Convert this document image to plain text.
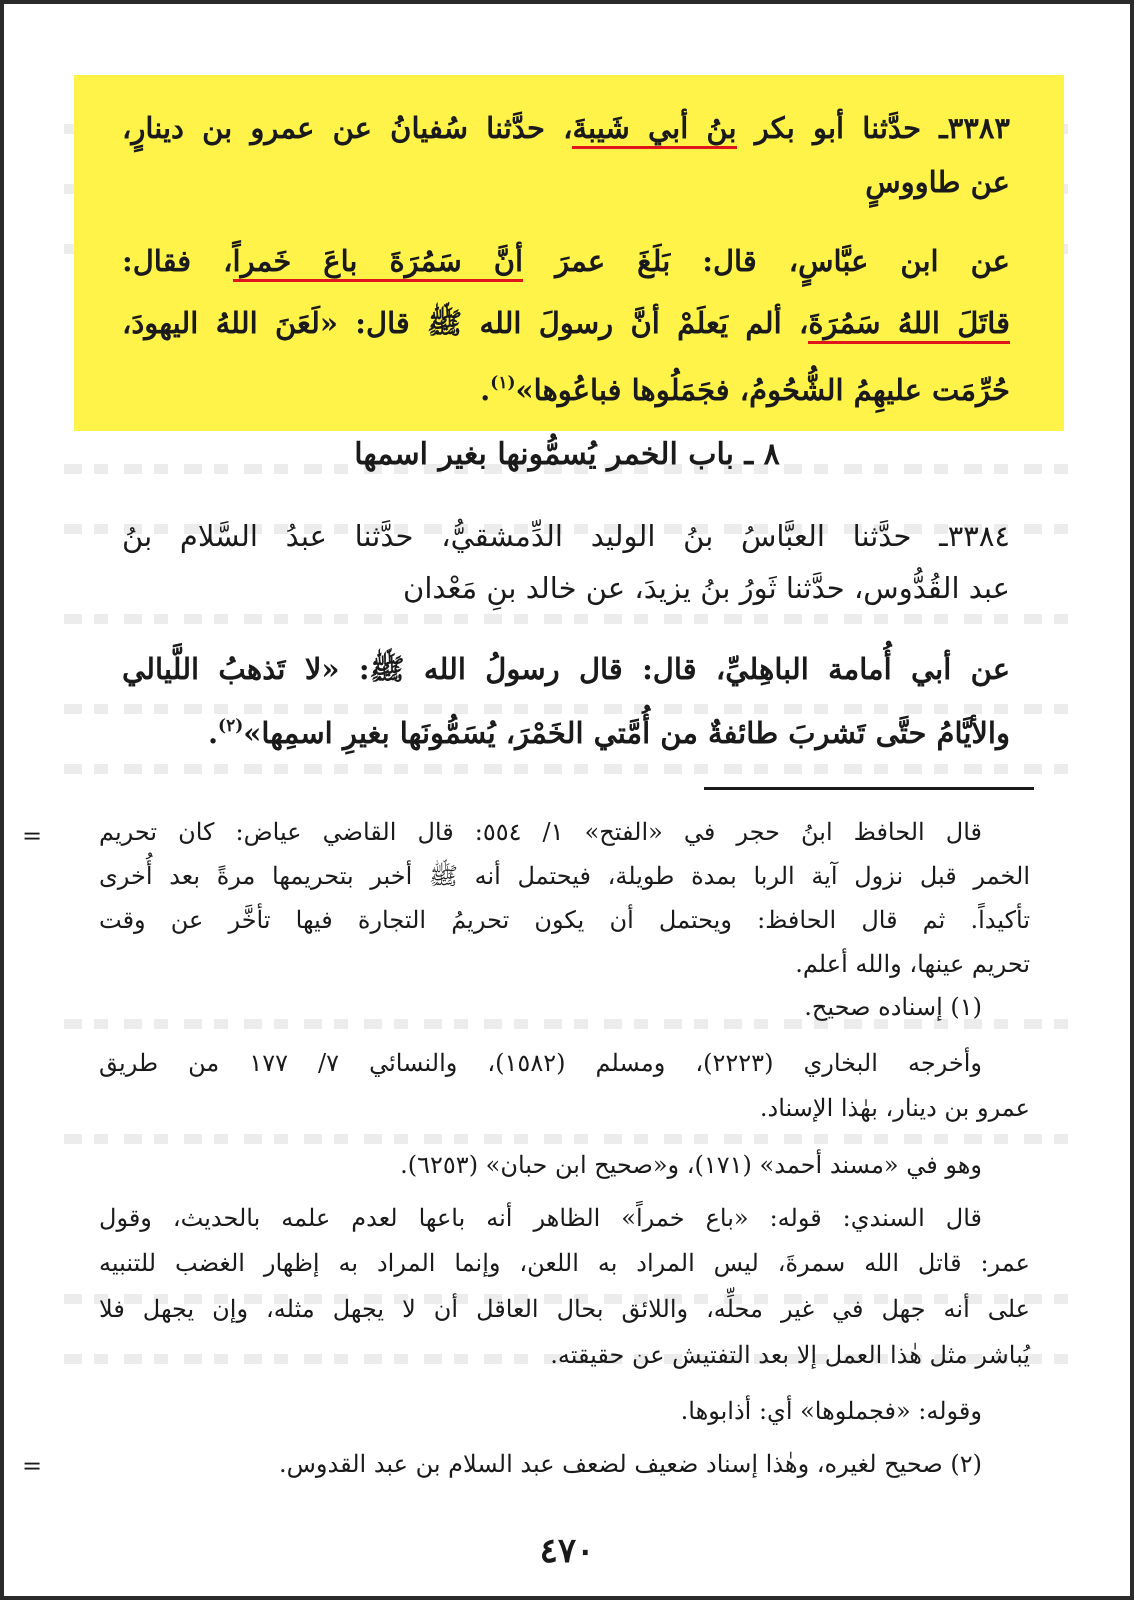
٣٣٨٣ـ حدَّثنا أبو بكر بنُ أبي شَيبةَ، حدَّثنا سُفيانُ عن عمرو بن دينارٍ،
عن طاووسٍ
عن ابن عبَّاسٍ، قال: بَلَغَ عمرَ أنَّ سَمُرَةَ باعَ خَمراً، فقال:
قاتَلَ اللهُ سَمُرَةَ، ألم يَعلَمْ أنَّ رسولَ الله ﷺ قال: «لَعَنَ اللهُ اليهودَ،
حُرِّمَت عليهِمُ الشُّحُومُ، فجَمَلُوها فباعُوها»$^{(١)}$.
٨ ـ باب الخمر يُسمُّونها بغير اسمها
٣٣٨٤ـ حدَّثنا العبَّاسُ بنُ الوليد الدِّمشقيُّ، حدَّثنا عبدُ السَّلام بنُ
عبد القُدُّوس، حدَّثنا ثَورُ بنُ يزيدَ، عن خالد بنِ مَعْدان
عن أبي أُمامة الباهِليِّ، قال: قال رسولُ الله ﷺ: «لا تَذهبُ اللَّيالي
والأيَّامُ حتَّى تَشربَ طائفةٌ من أُمَّتي الخَمْرَ، يُسَمُّونَها بغيرِ اسمِها»$^{(٢)}$.
= قال الحافظ ابنُ حجر في «الفتح» ١/ ٥٥٤: قال القاضي عياض: كان تحريم
الخمر قبل نزول آية الربا بمدة طويلة، فيحتمل أنه ﷺ أخبر بتحريمها مرةً بعد أُخرى
تأكيداً. ثم قال الحافظ: ويحتمل أن يكون تحريمُ التجارة فيها تأخَّر عن وقت
تحريم عينها، والله أعلم.
(١) إسناده صحيح.
وأخرجه البخاري (٢٢٢٣)، ومسلم (١٥٨٢)، والنسائي ٧/ ١٧٧ من طريق
عمرو بن دينار، بهٰذا الإسناد.
وهو في «مسند أحمد» (١٧١)، و«صحيح ابن حبان» (٦٢٥٣).
قال السندي: قوله: «باع خمراً» الظاهر أنه باعها لعدم علمه بالحديث، وقول
عمر: قاتل الله سمرةَ، ليس المراد به اللعن، وإنما المراد به إظهار الغضب للتنبيه
على أنه جهل في غير محلِّه، واللائق بحال العاقل أن لا يجهل مثله، وإن يجهل فلا
يُباشر مثل هٰذا العمل إلا بعد التفتيش عن حقيقته.
وقوله: «فجملوها» أي: أذابوها.
(٢) صحيح لغيره، وهٰذا إسناد ضعيف لضعف عبد السلام بن عبد القدوس.
=
٤٧٠
